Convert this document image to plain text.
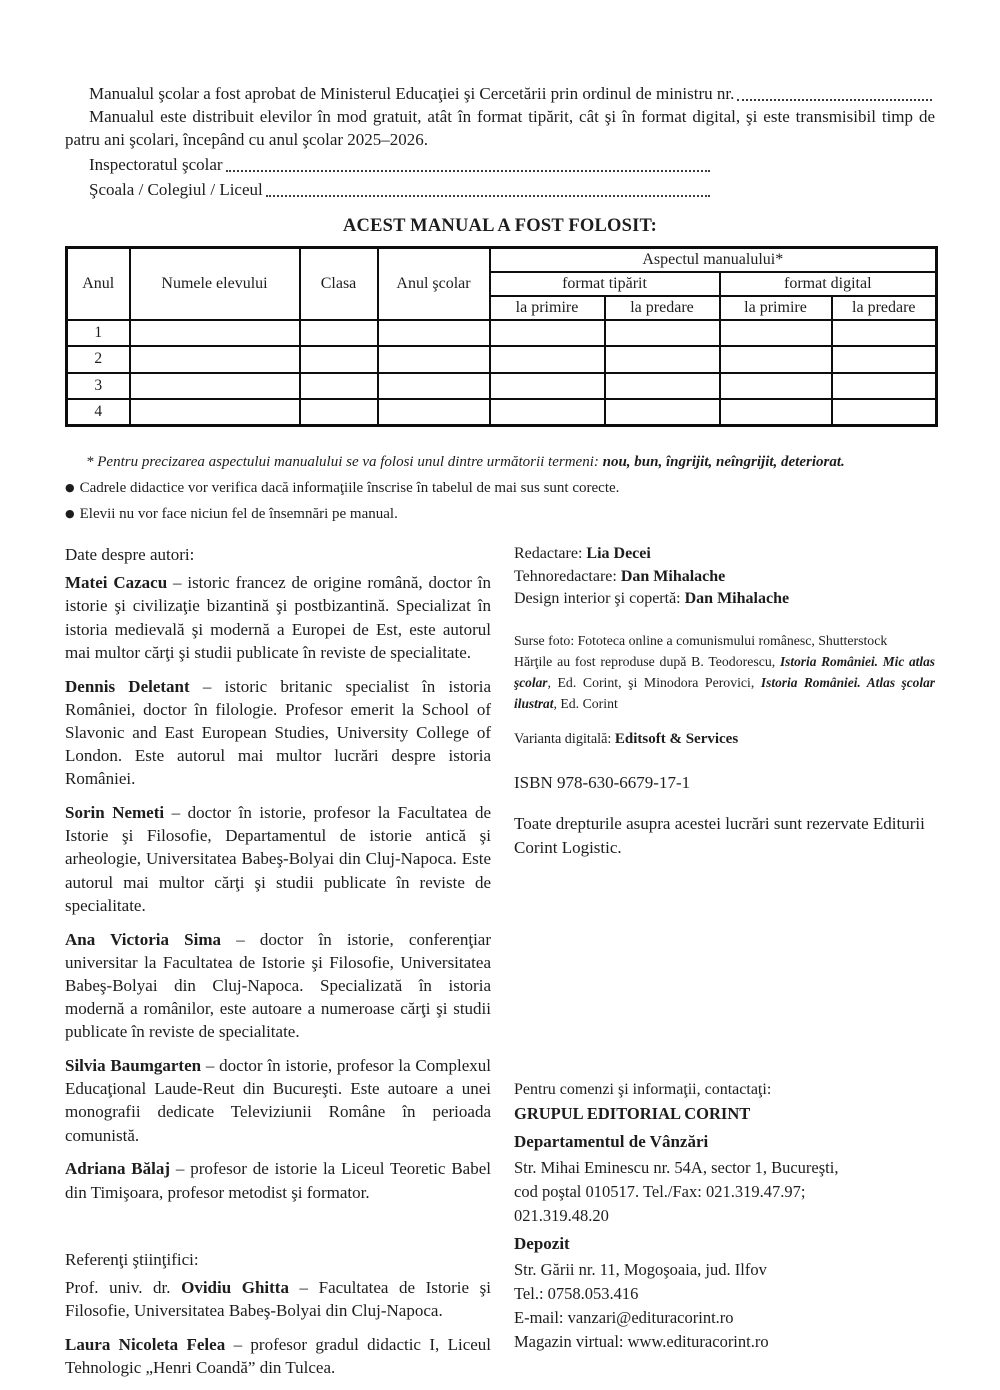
Manualul şcolar a fost aprobat de Ministerul Educaţiei şi Cercetării prin ordinul de ministru nr.

Manualul este distribuit elevilor în mod gratuit, atât în format tipărit, cât şi în format digital, şi este transmisibil timp de patru ani şcolari, începând cu anul şcolar 2025–2026.

Inspectoratul şcolar
Şcoala / Colegiul / Liceul
ACEST MANUAL A FOST FOLOSIT:
Anul	Numele elevului	Clasa	Anul şcolar	Aspectul manualului*			
				format tipărit		format digital	
				la primire	la predare	la primire	la predare
1							
2							
3							
4							
* Pentru precizarea aspectului manualului se va folosi unul dintre următorii termeni: nou, bun, îngrijit, neîngrijit, deteriorat.
● Cadrele didactice vor verifica dacă informaţiile înscrise în tabelul de mai sus sunt corecte.
● Elevii nu vor face niciun fel de însemnări pe manual.
Date despre autori:

Matei Cazacu – istoric francez de origine română, doctor în istorie şi civilizaţie bizantină şi postbizantină. Specializat în istoria medievală şi modernă a Europei de Est, este autorul mai multor cărţi şi studii publicate în reviste de specialitate.

Dennis Deletant – istoric britanic specialist în istoria României, doctor în filologie. Profesor emerit la School of Slavonic and East European Studies, University College of London. Este autorul mai multor lucrări despre istoria României.

Sorin Nemeti – doctor în istorie, profesor la Facultatea de Istorie şi Filosofie, Departamentul de istorie antică şi arheologie, Universitatea Babeş-Bolyai din Cluj-Napoca. Este autorul mai multor cărţi şi studii publicate în reviste de specialitate.

Ana Victoria Sima – doctor în istorie, conferenţiar universitar la Facultatea de Istorie şi Filosofie, Universitatea Babeş-Bolyai din Cluj-Napoca. Specializată în istoria modernă a românilor, este autoare a numeroase cărţi şi studii publicate în reviste de specialitate.

Silvia Baumgarten – doctor în istorie, profesor la Complexul Educaţional Laude-Reut din Bucureşti. Este autoare a unei monografii dedicate Televiziunii Române în perioada comunistă.

Adriana Bălaj – profesor de istorie la Liceul Teoretic Babel din Timişoara, profesor metodist şi formator.

Referenţi ştiinţifici:

Prof. univ. dr. Ovidiu Ghitta – Facultatea de Istorie şi Filosofie, Universitatea Babeş-Bolyai din Cluj-Napoca.

Laura Nicoleta Felea – profesor gradul didactic I, Liceul Tehnologic „Henri Coandă” din Tulcea.

Redactare: Lia Decei
Tehnoredactare: Dan Mihalache
Design interior şi copertă: Dan Mihalache
Surse foto: Fototeca online a comunismului românesc, Shutterstock
Hărţile au fost reproduse după B. Teodorescu, Istoria României. Mic atlas şcolar, Ed. Corint, şi Minodora Perovici, Istoria României. Atlas şcolar ilustrat, Ed. Corint
Varianta digitală: Editsoft & Services
ISBN 978-630-6679-17-1
Toate drepturile asupra acestei lucrări sunt rezervate Editurii Corint Logistic.
Pentru comenzi şi informaţii, contactaţi:
GRUPUL EDITORIAL CORINT
Departamentul de Vânzări
Str. Mihai Eminescu nr. 54A, sector 1, Bucureşti,
cod poştal 010517. Tel./Fax: 021.319.47.97;
021.319.48.20
Depozit
Str. Gării nr. 11, Mogoşoaia, jud. Ilfov
Tel.: 0758.053.416
E-mail: vanzari@edituracorint.ro
Magazin virtual: www.edituracorint.ro
